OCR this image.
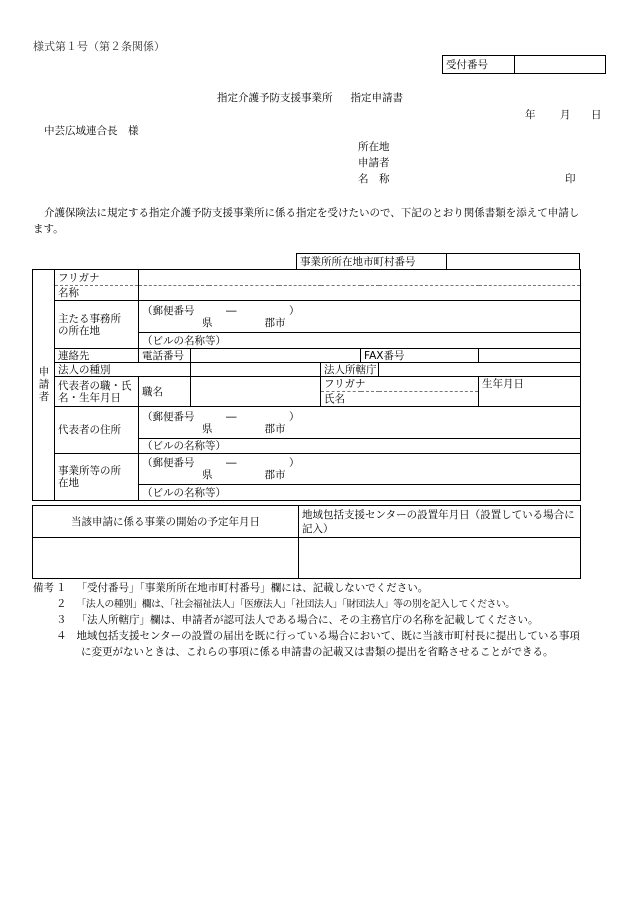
様式第１号（第２条関係）
受付番号	
指定介護予防支援事業所 指定申請書
年 月 日
中芸広域連合長　様
所在地
申請者
名　称	印
介護保険法に規定する指定介護予防支援事業所に係る指定を受けたいので、下記のとおり関係書類を添えて申請し
ます。
事業所所在地市町村番号	
申請者	フリガナ						
	名称						

	主たる事務所
の所在地	（郵便番号　　　―　　　　　）
県 郡市					

		（ビルの名称等）					
	連絡先	電話番号			FAX番号		
	法人の種別			法人所轄庁			

	代表者の職・氏
名・生年月日	職名		フリガナ			生年月日
				氏名			
	代表者の住所	（郵便番号　　　―　　　　　）
県 郡市					

		（ビルの名称等）					

	事業所等の所
在地	（郵便番号　　　―　　　　　）
県 郡市					

		（ビルの名称等）					
当該申請に係る事業の開始の予定年月日	地域包括支援センターの設置年月日（設置している場合に記入）

備考 １ 「受付番号」「事業所所在地市町村番号」欄には、記載しないでください。
２ 「法人の種別」欄は、「社会福祉法人」「医療法人」「社団法人」「財団法人」等の別を記入してください。
３ 「法人所轄庁」欄は、申請者が認可法人である場合に、その主務官庁の名称を記載してください。
４ 地域包括支援センターの設置の届出を既に行っている場合において、既に当該市町村長に提出している事項
に変更がないときは、これらの事項に係る申請書の記載又は書類の提出を省略させることができる。
